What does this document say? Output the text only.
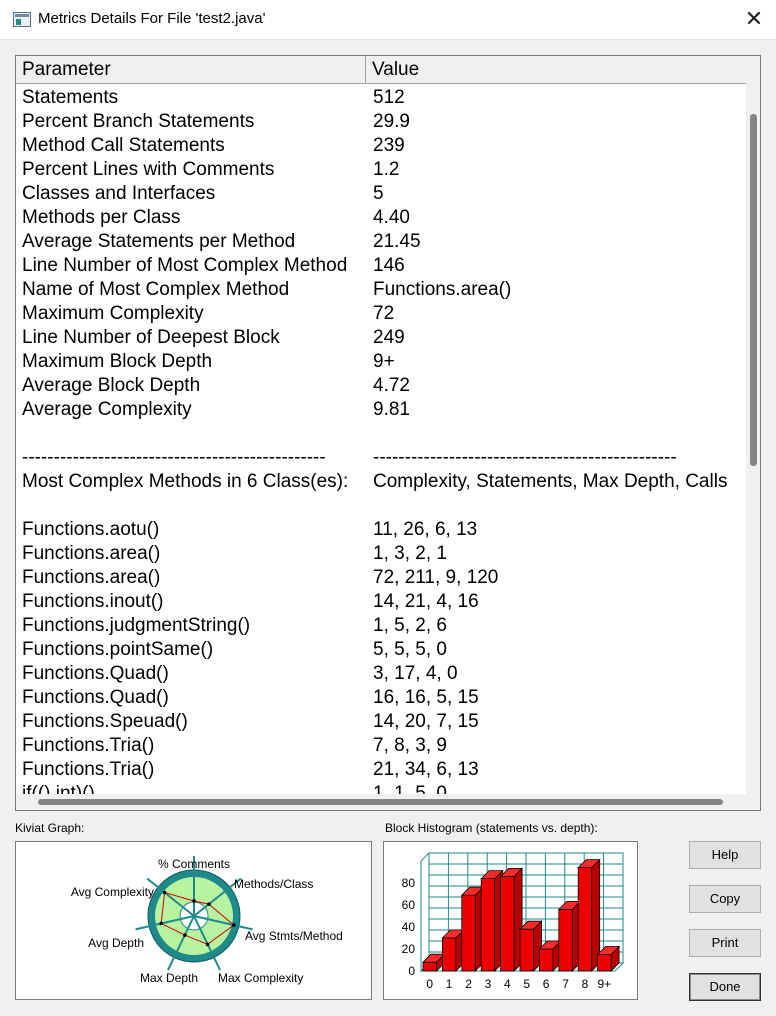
Metrics Details For File 'test2.java'	✕
Parameter	Value
Statements	512
Percent Branch Statements	29.9
Method Call Statements	239
Percent Lines with Comments	1.2
Classes and Interfaces	5
Methods per Class	4.40
Average Statements per Method	21.45
Line Number of Most Complex Method	146
Name of Most Complex Method	Functions.area()
Maximum Complexity	72
Line Number of Deepest Block	249
Maximum Block Depth	9+
Average Block Depth	4.72
Average Complexity	9.81
------------------------------------------------	------------------------------------------------
Most Complex Methods in 6 Class(es):	Complexity, Statements, Max Depth, Calls
Functions.aotu()	11, 26, 6, 13
Functions.area()	1, 3, 2, 1
Functions.area()	72, 211, 9, 120
Functions.inout()	14, 21, 4, 16
Functions.judgmentString()	1, 5, 2, 6
Functions.pointSame()	5, 5, 5, 0
Functions.Quad()	3, 17, 4, 0
Functions.Quad()	16, 16, 5, 15
Functions.Speuad()	14, 20, 7, 15
Functions.Tria()	7, 8, 3, 9
Functions.Tria()	21, 34, 6, 13
Kiviat Graph:
% Comments
Methods/Class
Avg Stmts/Method
Max Complexity
Max Depth
Avg Depth
Avg Complexity
Block Histogram (statements vs. depth):
0
20
40
60
80
0 1 2 3 4 5 6 7 8 9+
Help
Copy
Print
Done
